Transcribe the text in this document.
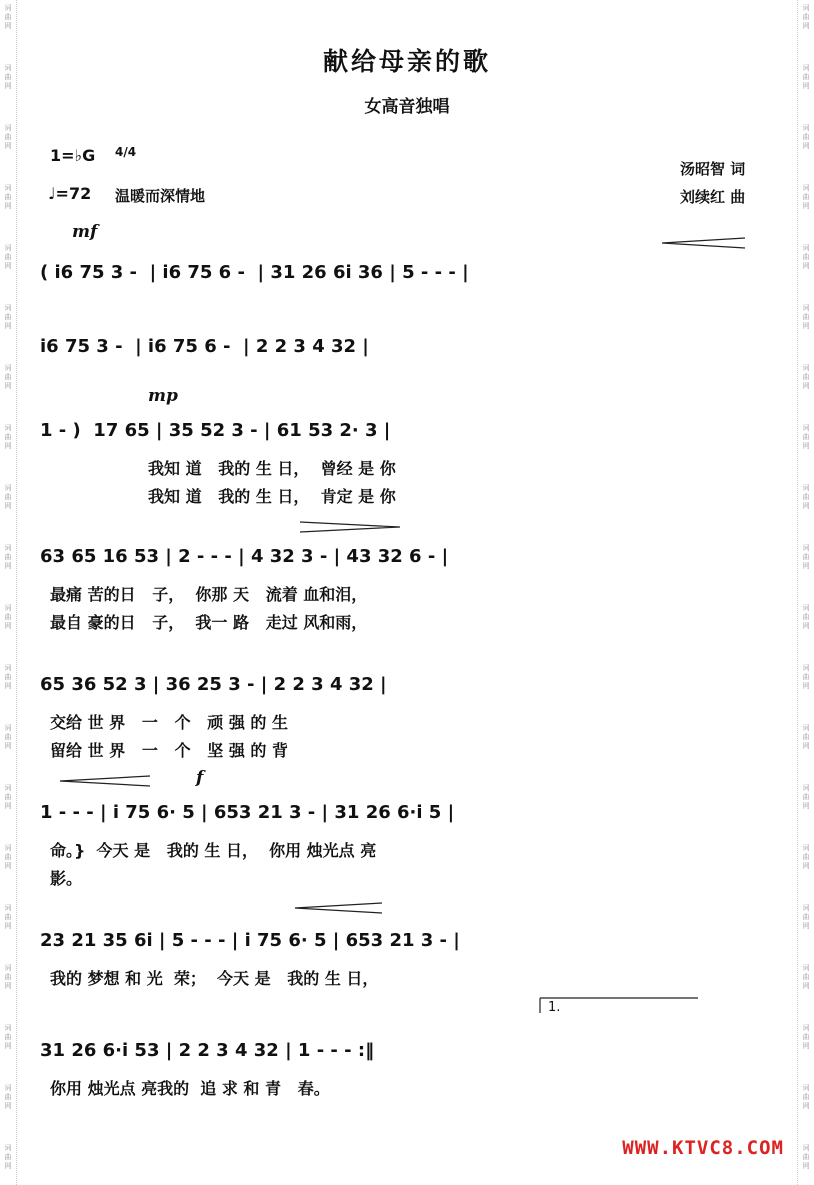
词
曲
网
词
曲
网
词
曲
网
词
曲
网
词
曲
网
词
曲
网
词
曲
网
词
曲
网
词
曲
网
词
曲
网
词
曲
网
词
曲
网
词
曲
网
词
曲
网
词
曲
网
词
曲
网
词
曲
网
词
曲
网
词
曲
网
词
曲
网
词
曲
网
词
曲
网
词
曲
网
词
曲
网
词
曲
网
词
曲
网
词
曲
网
词
曲
网
词
曲
网
词
曲
网
词
曲
网
词
曲
网
词
曲
网
词
曲
网
词
曲
网
词
曲
网
词
曲
网
词
曲
网
词
曲
网
词
曲
网
献给母亲的歌
女高音独唱
1=♭G 4/4
♩=72 温暖而深情地
汤昭智 词
刘续红 曲
mf
mp
f
1.
( i6 75 3 -  | i6 75 6 -  | 31 26 6i 36 | 5 - - - |
i6 75 3 -  | i6 75 6 -  | 2 2 3 4 32 |
1 - )  17 65 | 35 52 3 - | 61 53 2· 3 |
我知 道   我的 生 日，  曾经 是 你
我知 道   我的 生 日，  肯定 是 你
63 65 16 53 | 2 - - - | 4 32 3 - | 43 32 6 - |
最痛 苦的日   子，  你那 天   流着 血和泪，
最自 豪的日   子，  我一 路   走过 风和雨，
65 36 52 3 | 36 25 3 - | 2 2 3 4 32 |
交给 世 界   一   个   顽 强 的 生
留给 世 界   一   个   坚 强 的 背
1 - - - | i 75 6· 5 | 653 21 3 - | 31 26 6·i 5 |
命。}  今天 是   我的 生 日，  你用 烛光点 亮
影。
23 21 35 6i | 5 - - - | i 75 6· 5 | 653 21 3 - |
我的 梦想 和 光  荣；  今天 是   我的 生 日，
31 26 6·i 53 | 2 2 3 4 32 | 1 - - - :‖
你用 烛光点 亮我的  追 求 和 青   春。
WWW.KTVC8.COM
